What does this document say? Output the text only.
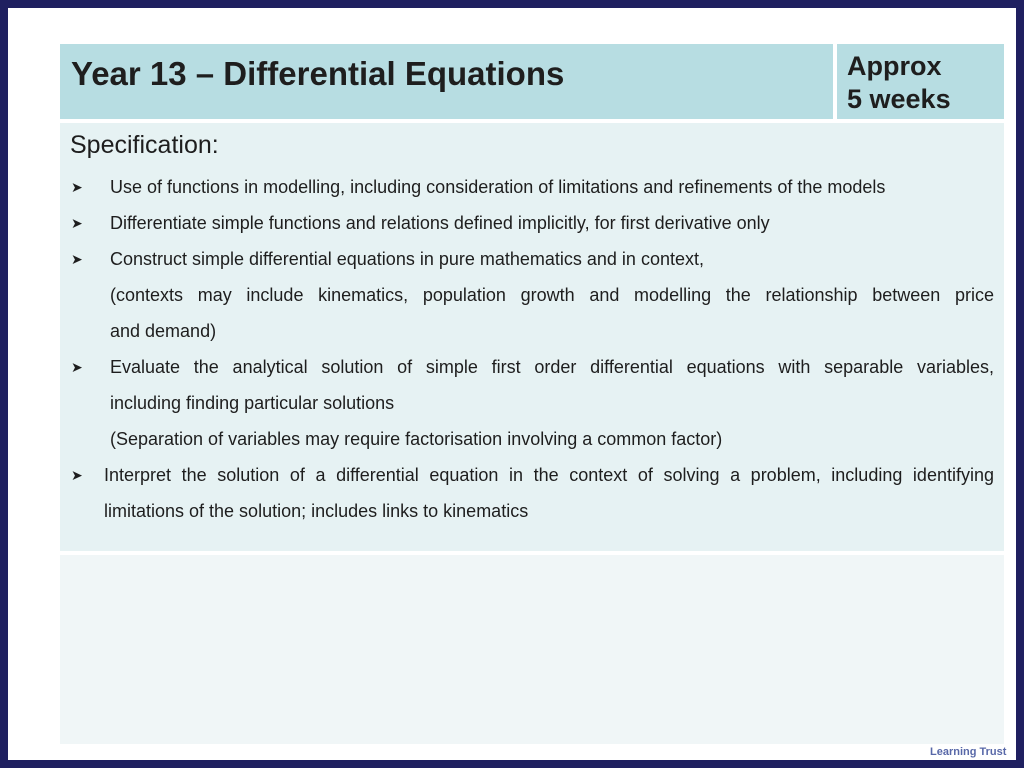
Year 13 – Differential Equations	Approx
5 weeks
Specification:
➤ Use of functions in modelling, including consideration of limitations and refinements of the models
➤ Differentiate simple functions and relations defined implicitly, for first derivative only
➤ Construct simple differential equations in pure mathematics and in context,
(contexts may include kinematics, population growth and modelling the relationship between price
and demand)
➤ Evaluate the analytical solution of simple first order differential equations with separable variables,
including finding particular solutions
(Separation of variables may require factorisation involving a common factor)
➤ Interpret the solution of a differential equation in the context of solving a problem, including identifying
limitations of the solution; includes links to kinematics
Learning Trust
